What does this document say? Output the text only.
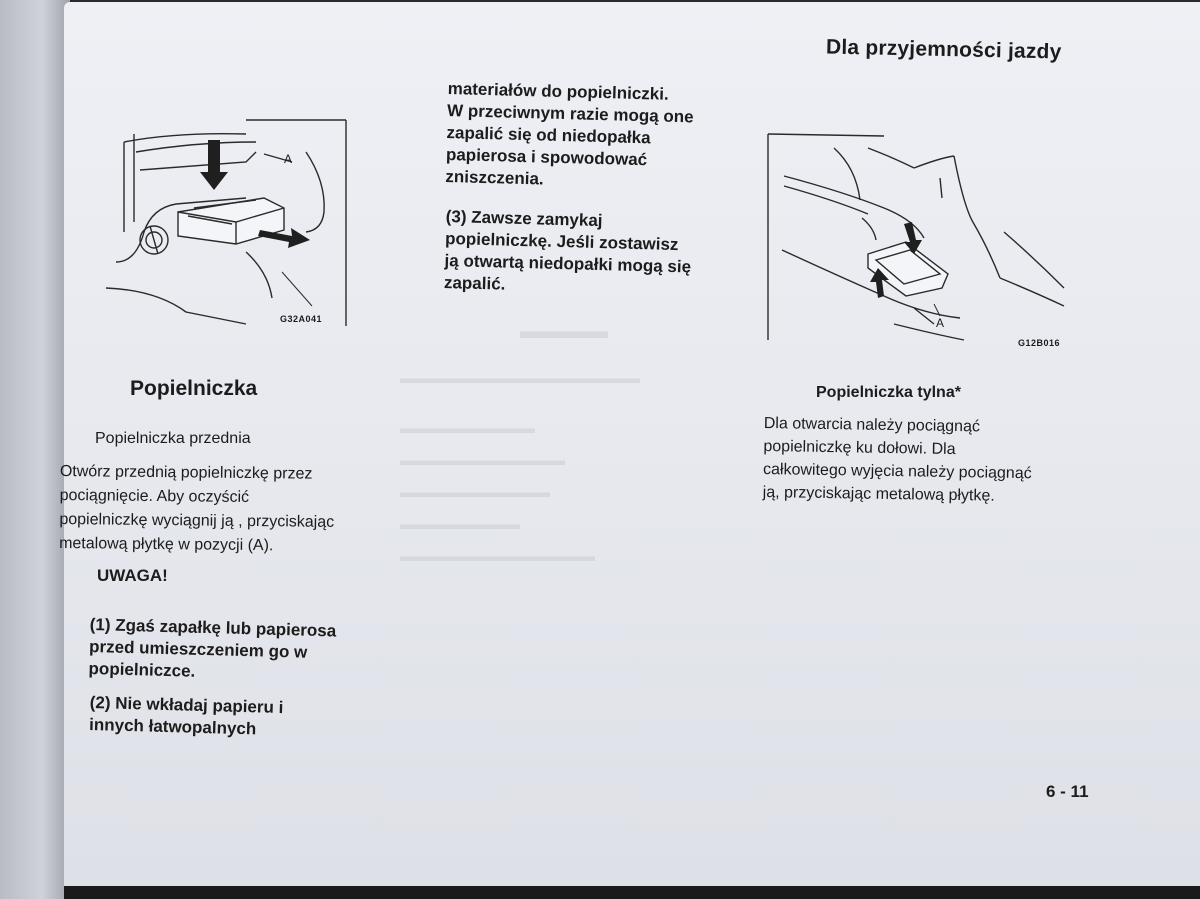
▬▬▬▬
▬▬▬▬▬▬▬▬▬▬▬▬▬▬▬▬
▬▬▬▬▬▬▬▬▬
▬▬▬▬▬▬▬▬▬▬▬
▬▬▬▬▬▬▬▬▬▬
▬▬▬▬▬▬▬▬
▬▬▬▬▬▬▬▬▬▬▬▬▬
Dla przyjemności jazdy
G32A041
A
Popielniczka
Popielniczka przednia
Otwórz przednią popielniczkę przez
pociągnięcie. Aby oczyścić
popielniczkę wyciągnij ją , przyciskając
metalową płytkę w pozycji (A).
UWAGA!
(1) Zgaś zapałkę lub papierosa
przed umieszczeniem go w
popielniczce.
(2) Nie wkładaj papieru i
innych łatwopalnych
materiałów do popielniczki.
W przeciwnym razie mogą one
zapalić się od niedopałka
papierosa i spowodować
zniszczenia.
(3) Zawsze zamykaj
popielniczkę. Jeśli zostawisz
ją otwartą niedopałki mogą się
zapalić.
G12B016
A
Popielniczka tylna*
Dla otwarcia należy pociągnąć
popielniczkę ku dołowi. Dla
całkowitego wyjęcia należy pociągnąć
ją, przyciskając metalową płytkę.
6 - 11
